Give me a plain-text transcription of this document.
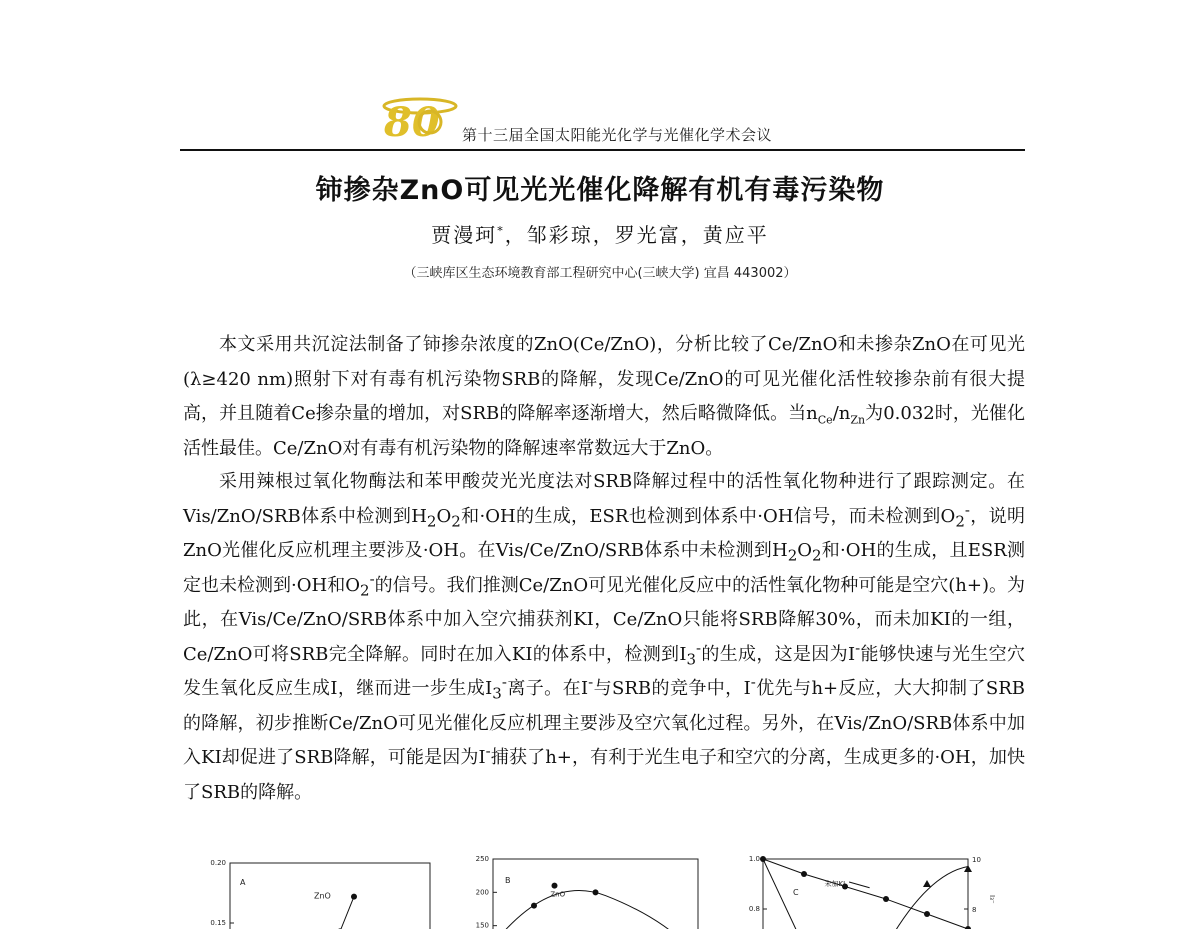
80 第十三届全国太阳能光化学与光催化学术会议
铈掺杂ZnO可见光光催化降解有机有毒污染物
贾漫珂*，邹彩琼，罗光富，黄应平
（三峡库区生态环境教育部工程研究中心(三峡大学) 宜昌 443002）

本文采用共沉淀法制备了铈掺杂浓度的ZnO(Ce/ZnO)，分析比较了Ce/ZnO和未掺杂ZnO在可见光(λ≥420 nm)照射下对有毒有机污染物SRB的降解，发现Ce/ZnO的可见光催化活性较掺杂前有很大提高，并且随着Ce掺杂量的增加，对SRB的降解率逐渐增大，然后略微降低。当$n_{Ce}/n_{Zn}$为0.032时，光催化活性最佳。Ce/ZnO对有毒有机污染物的降解速率常数远大于ZnO。

采用辣根过氧化物酶法和苯甲酸荧光光度法对SRB降解过程中的活性氧化物种进行了跟踪测定。在Vis/ZnO/SRB体系中检测到$H_2O_2$和·OH的生成，ESR也检测到体系中·OH信号，而未检测到$O_2^-$，说明ZnO光催化反应机理主要涉及·OH。在Vis/Ce/ZnO/SRB体系中未检测到$H_2O_2$和·OH的生成，且ESR测定也未检测到·OH和$O_2^-$的信号。我们推测Ce/ZnO可见光催化反应中的活性氧化物种可能是空穴(h+)。为此，在Vis/Ce/ZnO/SRB体系中加入空穴捕获剂KI，Ce/ZnO只能将SRB降解30%，而未加KI的一组，Ce/ZnO可将SRB完全降解。同时在加入KI的体系中，检测到$I_3^-$的生成，这是因为I-能够快速与光生空穴发生氧化反应生成I，继而进一步生成$I_3^-$离子。在I-与SRB的竞争中，I-优先与h+反应，大大抑制了SRB的降解，初步推断Ce/ZnO可见光催化反应机理主要涉及空穴氧化过程。另外，在Vis/ZnO/SRB体系中加入KI却促进了SRB降解，可能是因为I-捕获了h+，有利于光生电子和空穴的分离，生成更多的·OH，加快了SRB的降解。

0.20
0.15
A
ZnO
250
200
150
B
ZnO
1.0
0.8
10
8
I₃⁻
C
未加KI
